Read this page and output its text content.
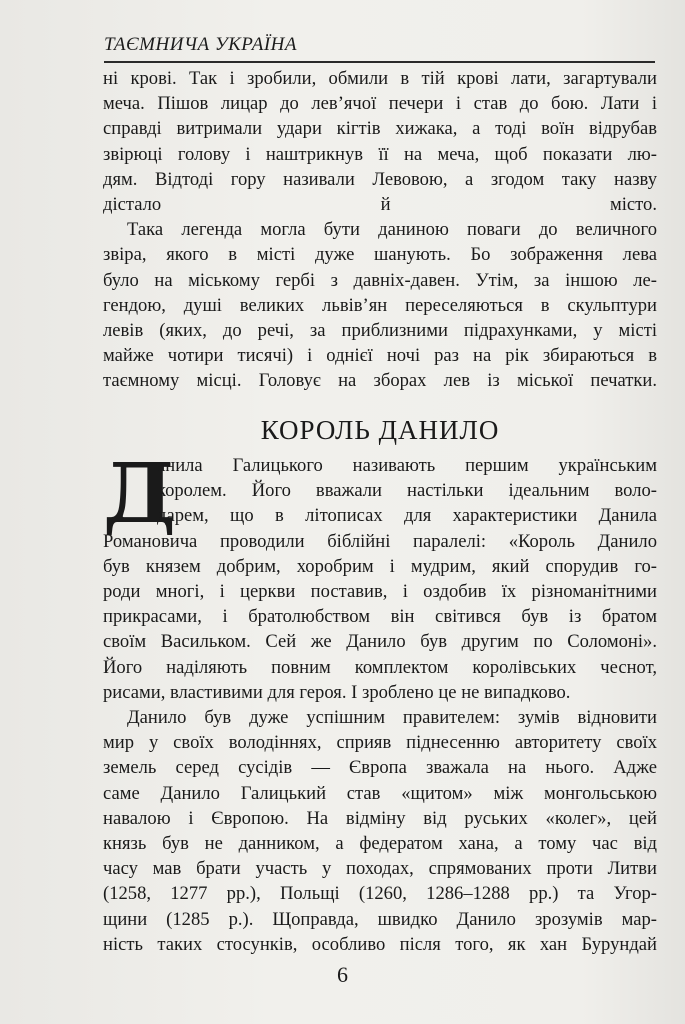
ТАЄМНИЧА УКРАЇНА

ні крові. Так і зробили, обмили в тій крові лати, загартували
меча. Пішов лицар до лев’ячої печери і став до бою. Лати і
справді витримали удари кігтів хижака, а тоді воїн відрубав
звірюці голову і наштрикнув її на меча, щоб показати лю-
дям. Відтоді гору називали Левовою, а згодом таку назву
дістало й місто.

Така легенда могла бути даниною поваги до величного
звіра, якого в місті дуже шанують. Бо зображення лева
було на міському гербі з давніх-давен. Утім, за іншою ле-
гендою, душі великих львів’ян переселяються в скульптури
левів (яких, до речі, за приблизними підрахунками, у місті
майже чотири тисячі) і однієї ночі раз на рік збираються в
таємному місці. Головує на зборах лев із міської печатки.

КОРОЛЬ ДАНИЛО
Д

анила Галицького називають першим українським
королем. Його вважали настільки ідеальним воло-
дарем, що в літописах для характеристики Данила
Романовича проводили біблійні паралелі: «Король Данило
був князем добрим, хоробрим і мудрим, який спорудив го-
роди многі, і церкви поставив, і оздобив їх різноманітними
прикрасами, і братолюбством він світився був із братом
своїм Васильком. Сей же Данило був другим по Соломоні».
Його наділяють повним комплектом королівських чеснот,
рисами, властивими для героя. І зроблено це не випадково.

Данило був дуже успішним правителем: зумів відновити
мир у своїх володіннях, сприяв піднесенню авторитету своїх
земель серед сусідів — Європа зважала на нього. Адже
саме Данило Галицький став «щитом» між монгольською
навалою і Європою. На відміну від руських «колег», цей
князь був не данником, а федератом хана, а тому час від
часу мав брати участь у походах, спрямованих проти Литви
(1258, 1277 рр.), Польщі (1260, 1286–1288 рр.) та Угор-
щини (1285 р.). Щоправда, швидко Данило зрозумів мар-
ність таких стосунків, особливо після того, як хан Бурундай

6
